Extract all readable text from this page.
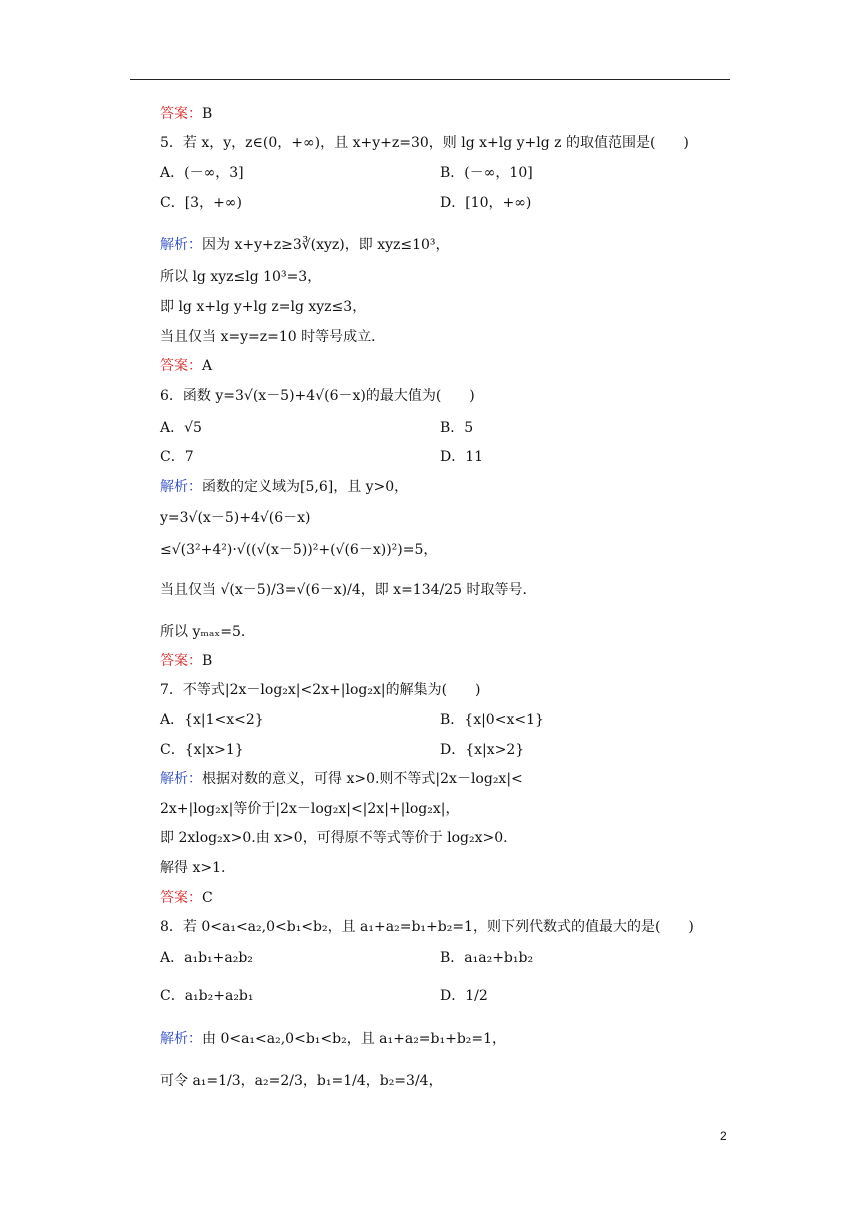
答案：B
5．若 x，y，z∈(0，+∞)，且 x+y+z=30，则 lg x+lg y+lg z 的取值范围是(　　)
A．(－∞，3]	B．(－∞，10]
C．[3，+∞)	D．[10，+∞)
解析：因为 x+y+z≥3∛(xyz)，即 xyz≤10³，
所以 lg xyz≤lg 10³=3，
即 lg x+lg y+lg z=lg xyz≤3，
当且仅当 x=y=z=10 时等号成立．
答案：A
6．函数 y=3√(x－5)+4√(6－x)的最大值为(　　)
A．√5	B．5
C．7	D．11
解析：函数的定义域为[5,6]，且 y>0，
y=3√(x－5)+4√(6－x)
≤√(3²+4²)·√((√(x－5))²+(√(6－x))²)=5，
当且仅当 √(x－5)/3=√(6－x)/4，即 x=134/25 时取等号．
所以 yₘₐₓ=5．
答案：B
7．不等式|2x－log₂x|<2x+|log₂x|的解集为(　　)
A．{x|1<x<2}	B．{x|0<x<1}
C．{x|x>1}	D．{x|x>2}
解析：根据对数的意义，可得 x>0.则不等式|2x－log₂x|<
2x+|log₂x|等价于|2x－log₂x|<|2x|+|log₂x|，
即 2xlog₂x>0.由 x>0，可得原不等式等价于 log₂x>0.
解得 x>1.
答案：C
8．若 0<a₁<a₂,0<b₁<b₂，且 a₁+a₂=b₁+b₂=1，则下列代数式的值最大的是(　　)
A．a₁b₁+a₂b₂	B．a₁a₂+b₁b₂
C．a₁b₂+a₂b₁	D．1/2
解析：由 0<a₁<a₂,0<b₁<b₂，且 a₁+a₂=b₁+b₂=1，
可令 a₁=1/3，a₂=2/3，b₁=1/4，b₂=3/4，
2
